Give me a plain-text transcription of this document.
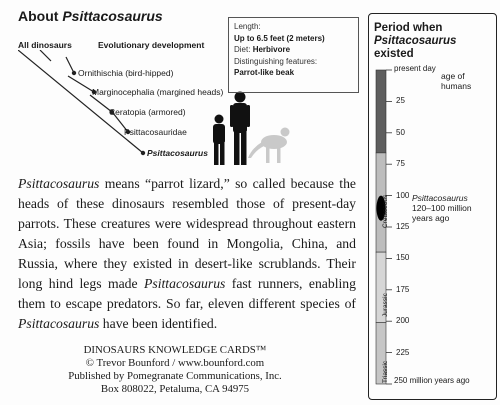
About Psittacosaurus
All dinosaurs	Evolutionary development
Ornithischia (bird-hipped)
Marginocephalia (margined heads)
Ceratopia (armored)
Psittacosauridae
Psittacosaurus
Length:
Up to 6.5 feet (2 meters)
Diet: Herbivore
Distinguishing features:
Parrot-like beak

Psittacosaurus means “parrot lizard,” so called because the heads of these dinosaurs resembled those of present-day parrots. These creatures were widespread throughout eastern Asia; fossils have been found in Mongolia, China, and Russia, where they existed in desert-like scrublands. Their long hind legs made Psittacosaurus fast runners, enabling them to escape predators. So far, eleven different species of Psittacosaurus have been identified.

DINOSAURS KNOWLEDGE CARDS™
© Trevor Bounford / www.bounford.com
Published by Pomegranate Communications, Inc.
Box 808022, Petaluma, CA 94975
Period when
Psittacosaurus
existed
present day
250 million years ago
25
50
75
100
125
150
175
200
225
age of
humans
Psittacosaurus
120–100 million
years ago
Cretaceous
Jurassic
Triassic
